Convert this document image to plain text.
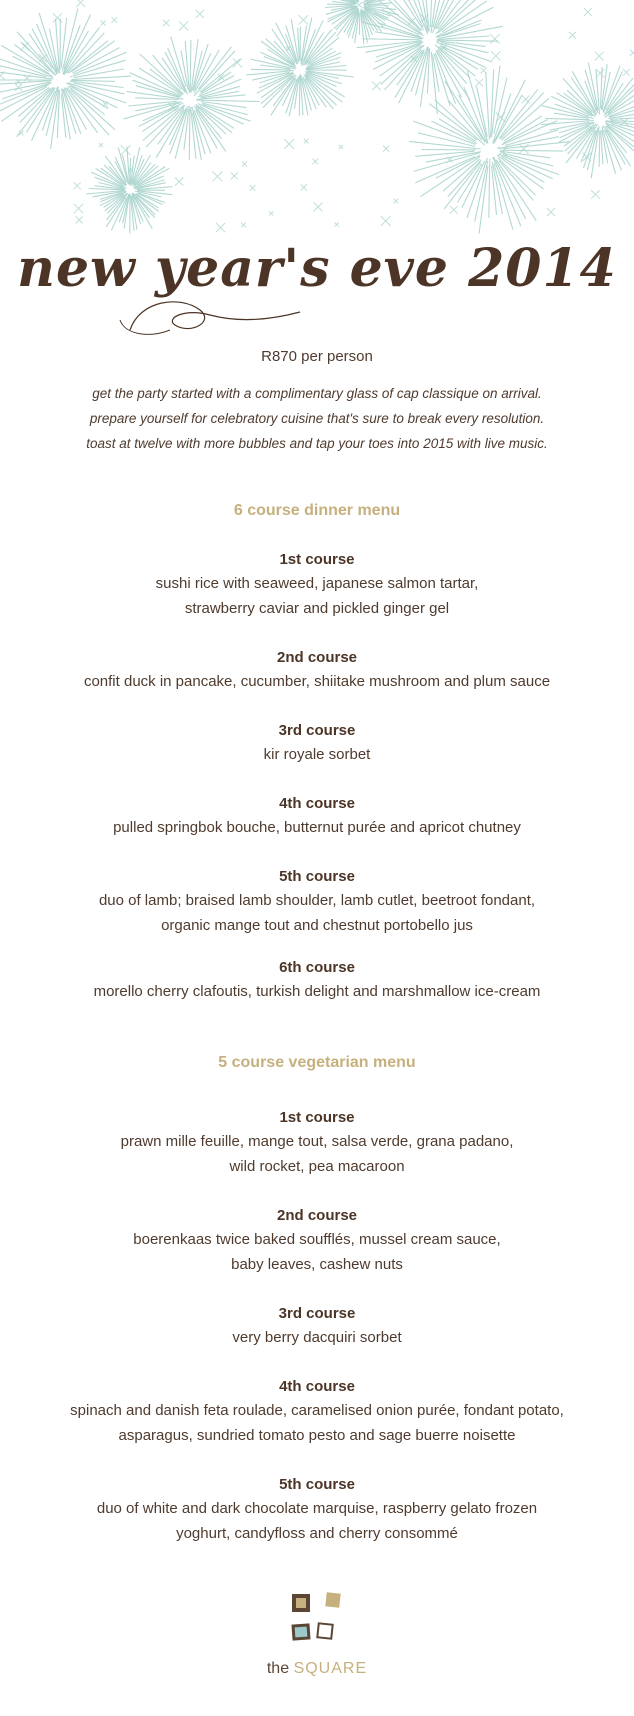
new year's eve 2014

R870 per person

get the party started with a complimentary glass of cap classique on arrival.

prepare yourself for celebratory cuisine that's sure to break every resolution.

toast at twelve with more bubbles and tap your toes into 2015 with live music.

6 course dinner menu
1st course

sushi rice with seaweed, japanese salmon tartar,

strawberry caviar and pickled ginger gel

2nd course

confit duck in pancake, cucumber, shiitake mushroom and plum sauce

3rd course

kir royale sorbet

4th course

pulled springbok bouche, butternut purée and apricot chutney

5th course

duo of lamb; braised lamb shoulder, lamb cutlet, beetroot fondant,

organic mange tout and chestnut portobello jus

6th course

morello cherry clafoutis, turkish delight and marshmallow ice-cream

5 course vegetarian menu
1st course

prawn mille feuille, mange tout, salsa verde, grana padano,

wild rocket, pea macaroon

2nd course

boerenkaas twice baked soufflés, mussel cream sauce,

baby leaves, cashew nuts

3rd course

very berry dacquiri sorbet

4th course

spinach and danish feta roulade, caramelised onion purée, fondant potato,

asparagus, sundried tomato pesto and sage buerre noisette

5th course

duo of white and dark chocolate marquise, raspberry gelato frozen

yoghurt, candyfloss and cherry consommé

the SQUARE
